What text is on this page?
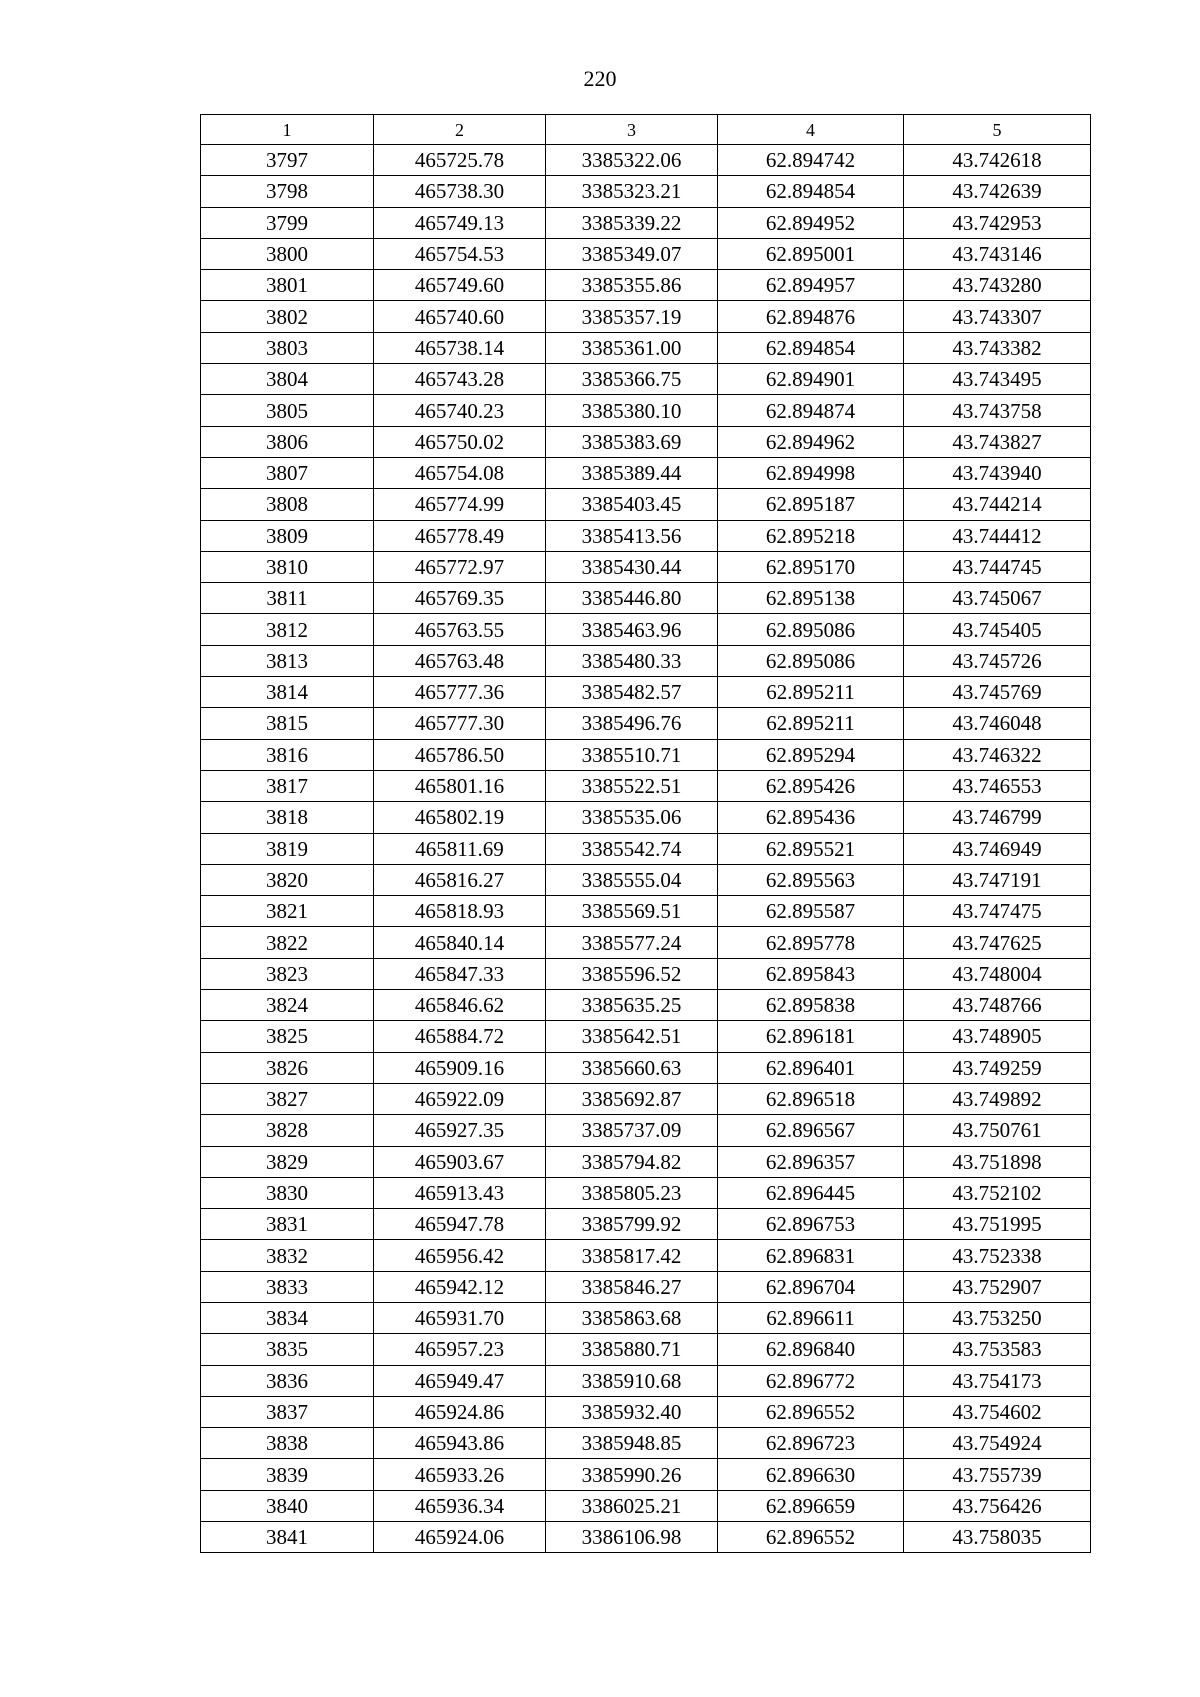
220
1	2	3	4	5
3797	465725.78	3385322.06	62.894742	43.742618
3798	465738.30	3385323.21	62.894854	43.742639
3799	465749.13	3385339.22	62.894952	43.742953
3800	465754.53	3385349.07	62.895001	43.743146
3801	465749.60	3385355.86	62.894957	43.743280
3802	465740.60	3385357.19	62.894876	43.743307
3803	465738.14	3385361.00	62.894854	43.743382
3804	465743.28	3385366.75	62.894901	43.743495
3805	465740.23	3385380.10	62.894874	43.743758
3806	465750.02	3385383.69	62.894962	43.743827
3807	465754.08	3385389.44	62.894998	43.743940
3808	465774.99	3385403.45	62.895187	43.744214
3809	465778.49	3385413.56	62.895218	43.744412
3810	465772.97	3385430.44	62.895170	43.744745
3811	465769.35	3385446.80	62.895138	43.745067
3812	465763.55	3385463.96	62.895086	43.745405
3813	465763.48	3385480.33	62.895086	43.745726
3814	465777.36	3385482.57	62.895211	43.745769
3815	465777.30	3385496.76	62.895211	43.746048
3816	465786.50	3385510.71	62.895294	43.746322
3817	465801.16	3385522.51	62.895426	43.746553
3818	465802.19	3385535.06	62.895436	43.746799
3819	465811.69	3385542.74	62.895521	43.746949
3820	465816.27	3385555.04	62.895563	43.747191
3821	465818.93	3385569.51	62.895587	43.747475
3822	465840.14	3385577.24	62.895778	43.747625
3823	465847.33	3385596.52	62.895843	43.748004
3824	465846.62	3385635.25	62.895838	43.748766
3825	465884.72	3385642.51	62.896181	43.748905
3826	465909.16	3385660.63	62.896401	43.749259
3827	465922.09	3385692.87	62.896518	43.749892
3828	465927.35	3385737.09	62.896567	43.750761
3829	465903.67	3385794.82	62.896357	43.751898
3830	465913.43	3385805.23	62.896445	43.752102
3831	465947.78	3385799.92	62.896753	43.751995
3832	465956.42	3385817.42	62.896831	43.752338
3833	465942.12	3385846.27	62.896704	43.752907
3834	465931.70	3385863.68	62.896611	43.753250
3835	465957.23	3385880.71	62.896840	43.753583
3836	465949.47	3385910.68	62.896772	43.754173
3837	465924.86	3385932.40	62.896552	43.754602
3838	465943.86	3385948.85	62.896723	43.754924
3839	465933.26	3385990.26	62.896630	43.755739
3840	465936.34	3386025.21	62.896659	43.756426
3841	465924.06	3386106.98	62.896552	43.758035
